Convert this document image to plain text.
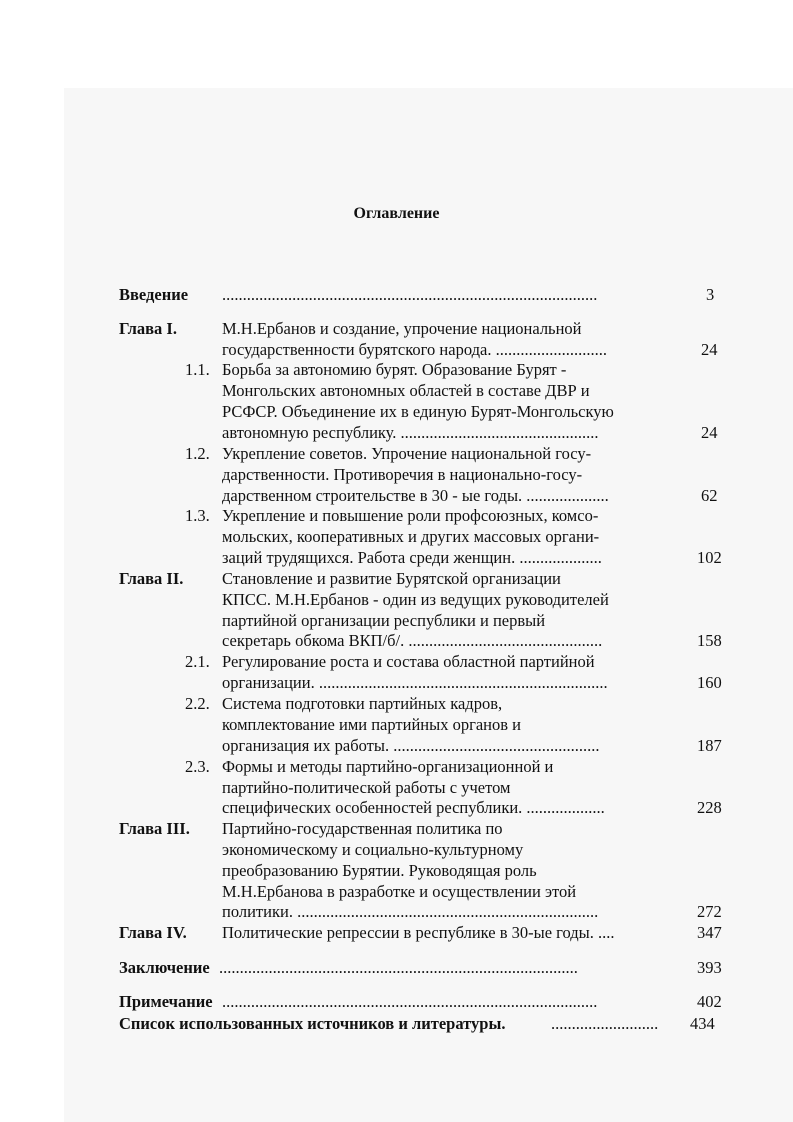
Оглавление
Введение ...........................................................................................	3
Глава I.	М.Н.Ербанов и создание, упрочение национальной
государственности бурятского народа. ...........................	24
1.1. Борьба за автономию бурят. Образование Бурят -
Монгольских автономных областей в составе ДВР и
РСФСР. Объединение их в единую Бурят-Монгольскую
автономную республику. ................................................	24
1.2. Укрепление советов. Упрочение национальной госу-
дарственности. Противоречия в национально-госу-
дарственном строительстве в 30 - ые годы. ....................	62
1.3. Укрепление и повышение роли профсоюзных, комсо-
мольских, кооперативных и других массовых органи-
заций трудящихся. Работа среди женщин. ....................	102
Глава II. Становление и развитие Бурятской организации
КПСС. М.Н.Ербанов - один из ведущих руководителей
партийной организации республики и первый
секретарь обкома ВКП/б/. ...............................................	158
2.1. Регулирование роста и состава областной партийной
организации. ......................................................................	160
2.2. Система подготовки партийных кадров,
комплектование ими партийных органов и
организация их работы. ..................................................	187
2.3. Формы и методы партийно-организационной и
партийно-политической работы с учетом
специфических особенностей республики. ...................	228
Глава III. Партийно-государственная политика по
экономическому и социально-культурному
преобразованию Бурятии. Руководящая роль
М.Н.Ербанова в разработке и осуществлении этой
политики. .........................................................................	272
Глава IV. Политические репрессии в республике в 30-ые годы. ....	347
Заключение .......................................................................................	393
Примечание ...........................................................................................	402
Список использованных источников и литературы.	.......................... 434
